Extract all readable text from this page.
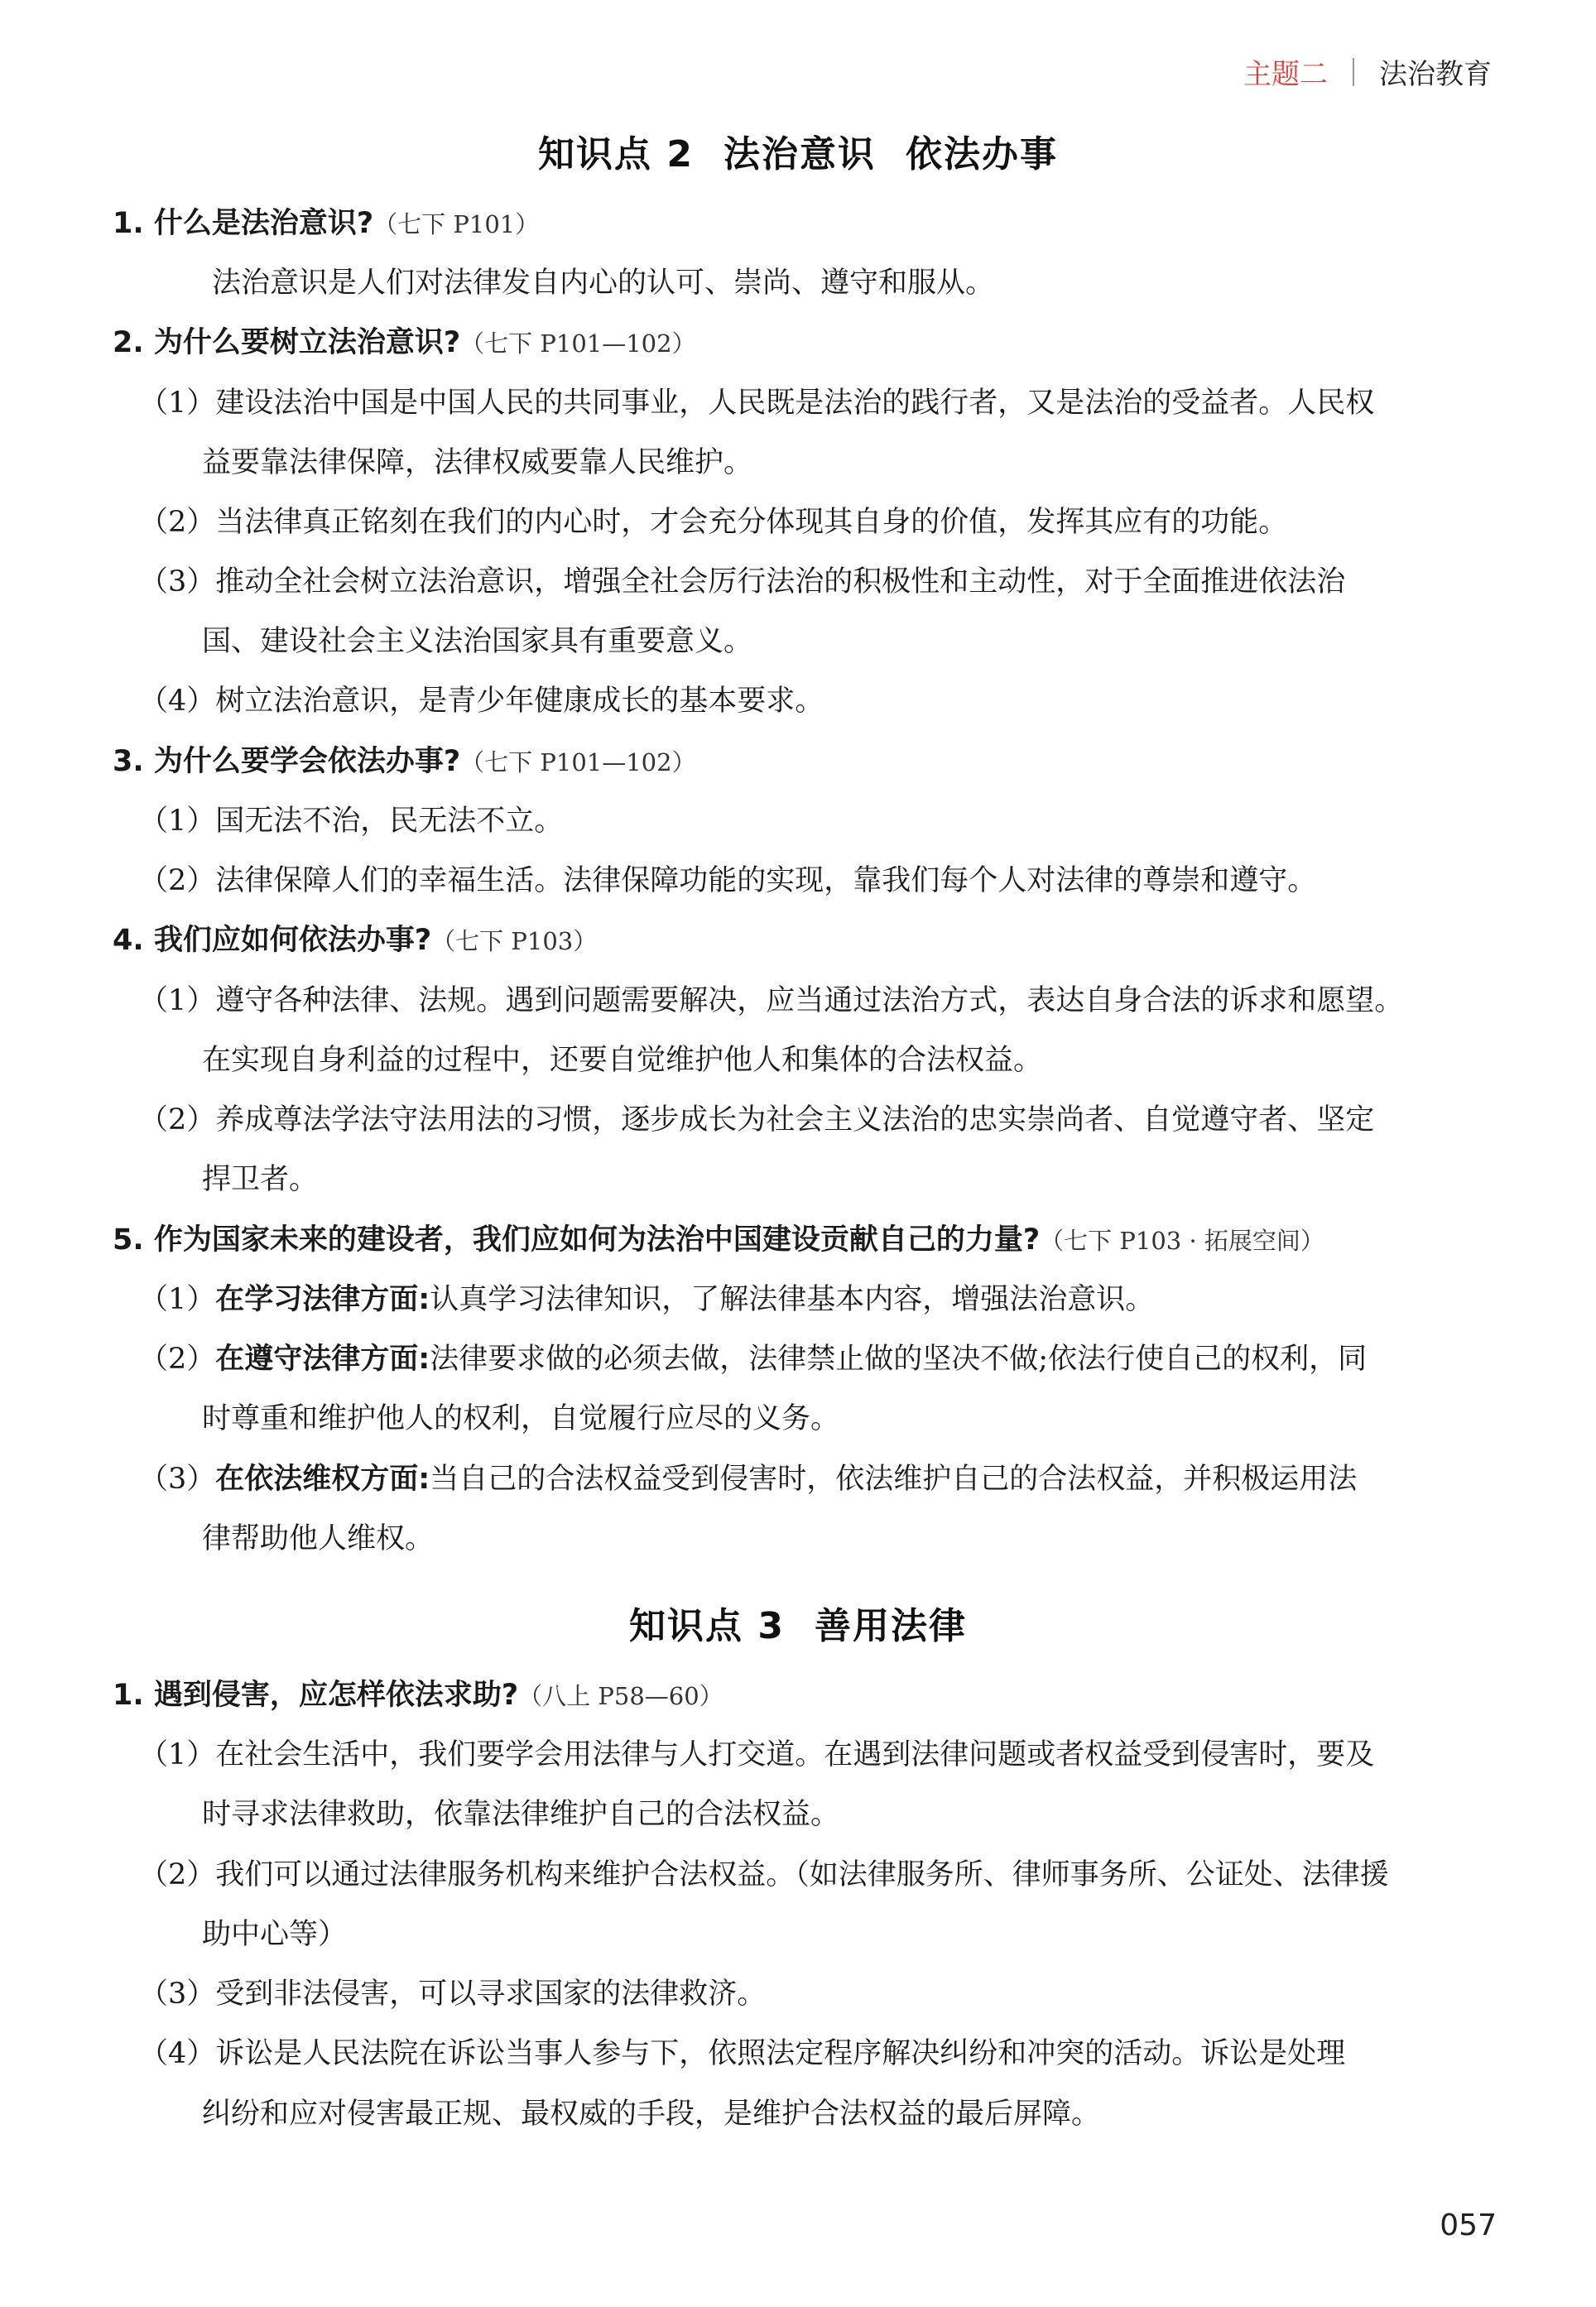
主题二 法治教育
知识点 2 法治意识 依法办事
1. 什么是法治意识?（七下 P101）
法治意识是人们对法律发自内心的认可、崇尚、遵守和服从。
2. 为什么要树立法治意识?（七下 P101—102）
（1）建设法治中国是中国人民的共同事业，人民既是法治的践行者，又是法治的受益者。人民权
益要靠法律保障，法律权威要靠人民维护。
（2）当法律真正铭刻在我们的内心时，才会充分体现其自身的价值，发挥其应有的功能。
（3）推动全社会树立法治意识，增强全社会厉行法治的积极性和主动性，对于全面推进依法治
国、建设社会主义法治国家具有重要意义。
（4）树立法治意识，是青少年健康成长的基本要求。
3. 为什么要学会依法办事?（七下 P101—102）
（1）国无法不治，民无法不立。
（2）法律保障人们的幸福生活。法律保障功能的实现，靠我们每个人对法律的尊崇和遵守。
4. 我们应如何依法办事?（七下 P103）
（1）遵守各种法律、法规。遇到问题需要解决，应当通过法治方式，表达自身合法的诉求和愿望。
在实现自身利益的过程中，还要自觉维护他人和集体的合法权益。
（2）养成尊法学法守法用法的习惯，逐步成长为社会主义法治的忠实崇尚者、自觉遵守者、坚定
捍卫者。
5. 作为国家未来的建设者，我们应如何为法治中国建设贡献自己的力量?（七下 P103 · 拓展空间）
（1）在学习法律方面:认真学习法律知识，了解法律基本内容，增强法治意识。
（2）在遵守法律方面:法律要求做的必须去做，法律禁止做的坚决不做;依法行使自己的权利，同
时尊重和维护他人的权利，自觉履行应尽的义务。
（3）在依法维权方面:当自己的合法权益受到侵害时，依法维护自己的合法权益，并积极运用法
律帮助他人维权。
知识点 3 善用法律
1. 遇到侵害，应怎样依法求助?（八上 P58—60）
（1）在社会生活中，我们要学会用法律与人打交道。在遇到法律问题或者权益受到侵害时，要及
时寻求法律救助，依靠法律维护自己的合法权益。
（2）我们可以通过法律服务机构来维护合法权益。（如法律服务所、律师事务所、公证处、法律援
助中心等）
（3）受到非法侵害，可以寻求国家的法律救济。
（4）诉讼是人民法院在诉讼当事人参与下，依照法定程序解决纠纷和冲突的活动。诉讼是处理
纠纷和应对侵害最正规、最权威的手段，是维护合法权益的最后屏障。
057
